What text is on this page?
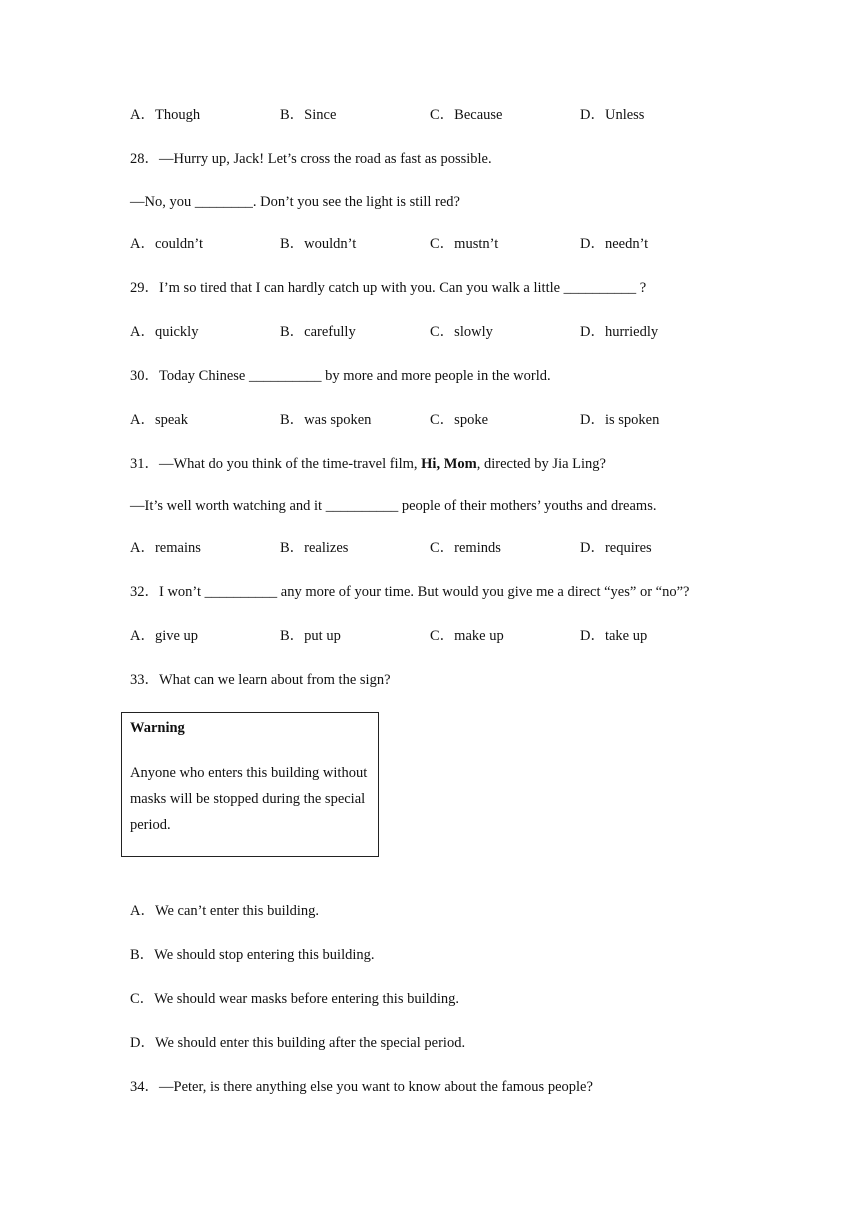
A．Though	B．Since	C．Because	D．Unless
28．—Hurry up, Jack! Let’s cross the road as fast as possible.
—No, you ________. Don’t you see the light is still red?
A．couldn’t	B．wouldn’t	C．mustn’t	D．needn’t
29．I’m so tired that I can hardly catch up with you. Can you walk a little __________ ?
A．quickly	B．carefully	C．slowly	D．hurriedly
30．Today Chinese __________ by more and more people in the world.
A．speak	B．was spoken	C．spoke	D．is spoken
31．—What do you think of the time-travel film, Hi, Mom, directed by Jia Ling?
—It’s well worth watching and it __________ people of their mothers’ youths and dreams.
A．remains	B．realizes	C．reminds	D．requires
32．I won’t __________ any more of your time. But would you give me a direct “yes” or “no”?
A．give up	B．put up	C．make up	D．take up
33．What can we learn about from the sign?
Warning
Anyone who enters this building without masks will be stopped during the special period.
A．We can’t enter this building.
B．We should stop entering this building.
C．We should wear masks before entering this building.
D．We should enter this building after the special period.
34．—Peter, is there anything else you want to know about the famous people?
